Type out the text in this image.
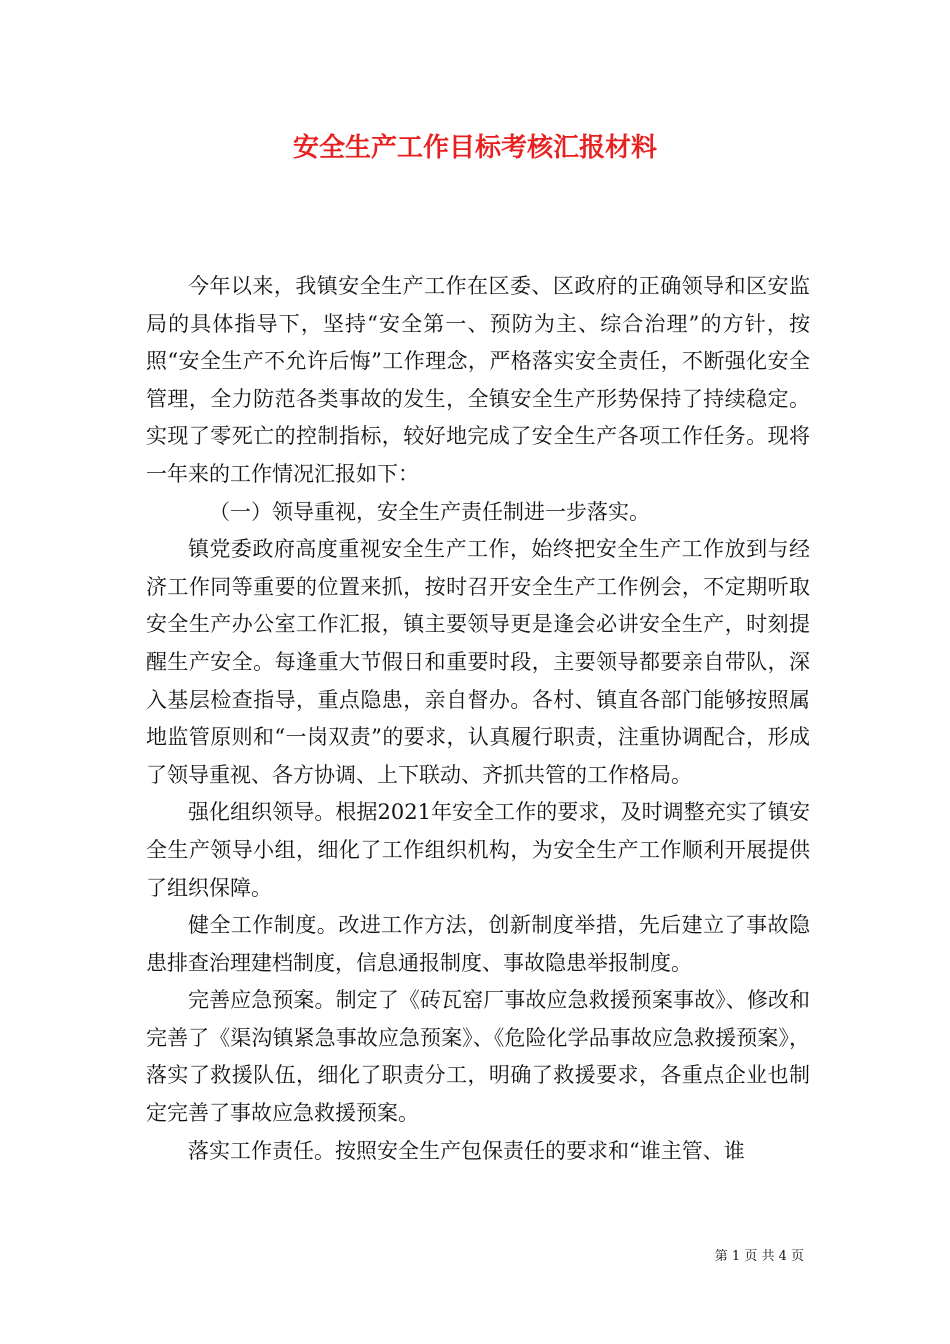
安全生产工作目标考核汇报材料

今年以来，我镇安全生产工作在区委、区政府的正确领导和区安监局的具体指导下，坚持“安全第一、预防为主、综合治理”的方针，按照“安全生产不允许后悔”工作理念，严格落实安全责任，不断强化安全管理，全力防范各类事故的发生，全镇安全生产形势保持了持续稳定。实现了零死亡的控制指标，较好地完成了安全生产各项工作任务。现将一年来的工作情况汇报如下：

（一）领导重视，安全生产责任制进一步落实。

镇党委政府高度重视安全生产工作，始终把安全生产工作放到与经济工作同等重要的位置来抓，按时召开安全生产工作例会，不定期听取安全生产办公室工作汇报，镇主要领导更是逢会必讲安全生产，时刻提醒生产安全。每逢重大节假日和重要时段，主要领导都要亲自带队，深入基层检查指导，重点隐患，亲自督办。各村、镇直各部门能够按照属地监管原则和“一岗双责”的要求，认真履行职责，注重协调配合，形成了领导重视、各方协调、上下联动、齐抓共管的工作格局。

强化组织领导。根据2021年安全工作的要求，及时调整充实了镇安全生产领导小组，细化了工作组织机构，为安全生产工作顺利开展提供了组织保障。

健全工作制度。改进工作方法，创新制度举措，先后建立了事故隐患排查治理建档制度，信息通报制度、事故隐患举报制度。

完善应急预案。制定了《砖瓦窑厂事故应急救援预案事故》、修改和完善了《渠沟镇紧急事故应急预案》、《危险化学品事故应急救援预案》，落实了救援队伍，细化了职责分工，明确了救援要求，各重点企业也制定完善了事故应急救援预案。

落实工作责任。按照安全生产包保责任的要求和“谁主管、谁

第 1 页 共 4 页
